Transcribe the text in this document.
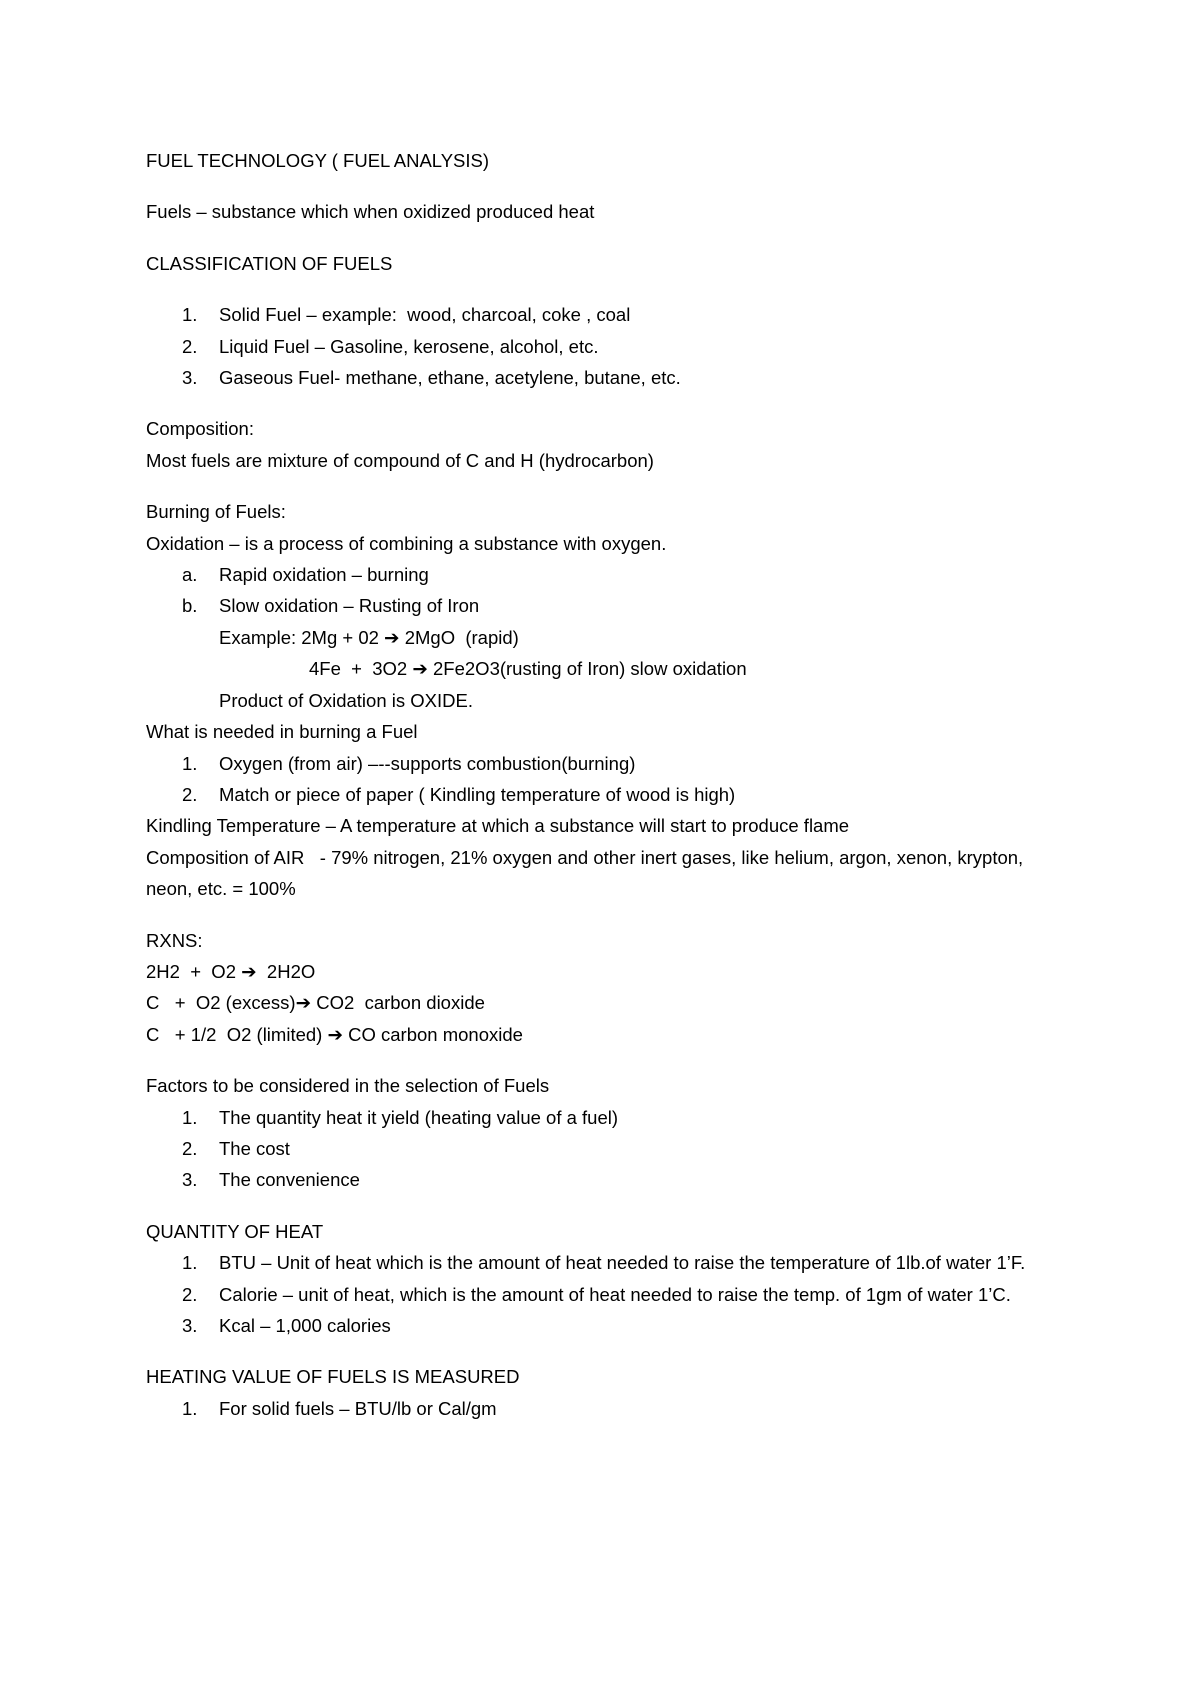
FUEL TECHNOLOGY ( FUEL ANALYSIS)
Fuels – substance which when oxidized produced heat
CLASSIFICATION OF FUELS
1.	Solid Fuel – example:  wood, charcoal, coke , coal
2.	Liquid Fuel – Gasoline, kerosene, alcohol, etc.
3.	Gaseous Fuel- methane, ethane, acetylene, butane, etc.
Composition:
Most fuels are mixture of compound of C and H (hydrocarbon)
Burning of Fuels:
Oxidation – is a process of combining a substance with oxygen.
a.	Rapid oxidation – burning
b.	Slow oxidation – Rusting of Iron
Example: 2Mg + 02 ➔ 2MgO  (rapid)
4Fe  +  3O2 ➔ 2Fe2O3(rusting of Iron) slow oxidation
Product of Oxidation is OXIDE.
What is needed in burning a Fuel
1.	Oxygen (from air) –--supports combustion(burning)
2.	Match or piece of paper ( Kindling temperature of wood is high)
Kindling Temperature – A temperature at which a substance will start to produce flame
Composition of AIR   - 79% nitrogen, 21% oxygen and other inert gases, like helium, argon, xenon, krypton, neon, etc. = 100%
RXNS:
2H2  +  O2 ➔  2H2O
C   +  O2 (excess)➔ CO2  carbon dioxide
C   + 1/2  O2 (limited) ➔ CO carbon monoxide
Factors to be considered in the selection of Fuels
1.	The quantity heat it yield (heating value of a fuel)
2.	The cost
3.	The convenience
QUANTITY OF HEAT
1.	BTU – Unit of heat which is the amount of heat needed to raise the temperature of 1lb.of water 1’F.
2.	Calorie – unit of heat, which is the amount of heat needed to raise the temp. of 1gm of water 1’C.
3.	Kcal – 1,000 calories
HEATING VALUE OF FUELS IS MEASURED
1.	For solid fuels – BTU/lb or Cal/gm
